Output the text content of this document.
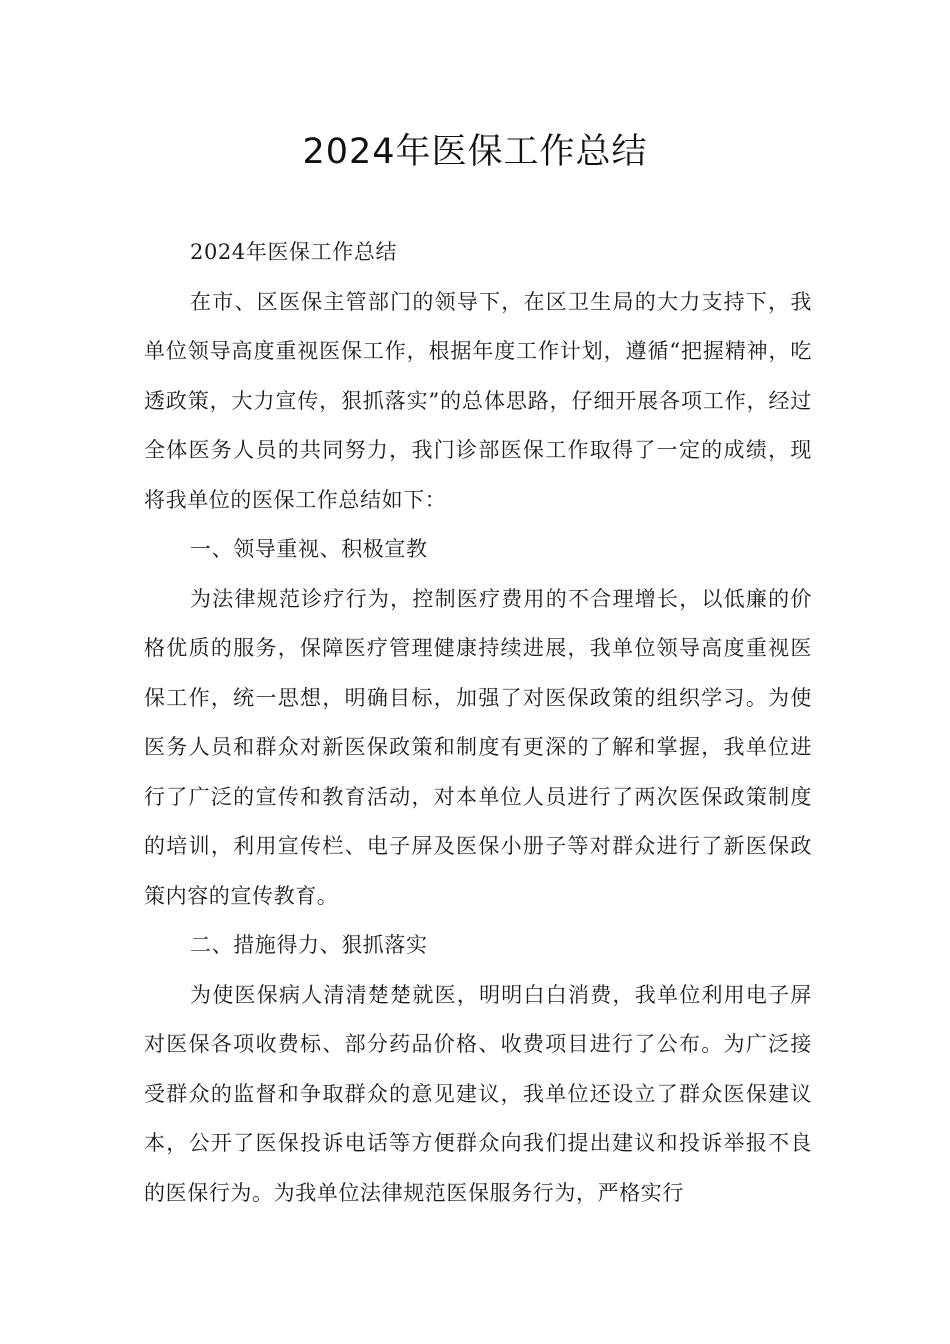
2024年医保工作总结

2024年医保工作总结

在市、区医保主管部门的领导下，在区卫生局的大力支持下，我单位领导高度重视医保工作，根据年度工作计划，遵循“把握精神，吃透政策，大力宣传，狠抓落实”的总体思路，仔细开展各项工作，经过全体医务人员的共同努力，我门诊部医保工作取得了一定的成绩，现将我单位的医保工作总结如下：

一、领导重视、积极宣教

为法律规范诊疗行为，控制医疗费用的不合理增长，以低廉的价格优质的服务，保障医疗管理健康持续进展，我单位领导高度重视医保工作，统一思想，明确目标，加强了对医保政策的组织学习。为使医务人员和群众对新医保政策和制度有更深的了解和掌握，我单位进行了广泛的宣传和教育活动，对本单位人员进行了两次医保政策制度的培训，利用宣传栏、电子屏及医保小册子等对群众进行了新医保政策内容的宣传教育。

二、措施得力、狠抓落实

为使医保病人清清楚楚就医，明明白白消费，我单位利用电子屏对医保各项收费标、部分药品价格、收费项目进行了公布。为广泛接受群众的监督和争取群众的意见建议，我单位还设立了群众医保建议本，公开了医保投诉电话等方便群众向我们提出建议和投诉举报不良的医保行为。为我单位法律规范医保服务行为，严格实行
